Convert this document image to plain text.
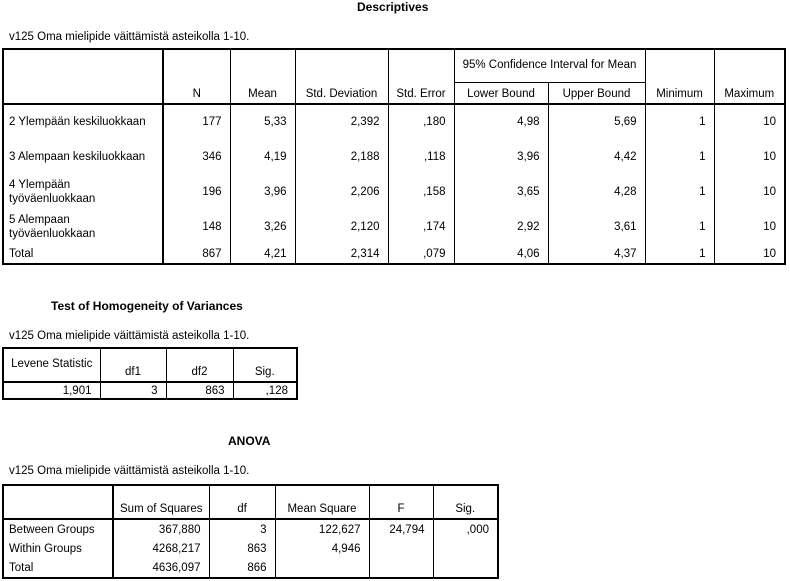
Descriptives
v125 Oma mielipide väittämistä asteikolla 1-10.
	N	Mean	Std. Deviation	Std. Error	95% Confidence Interval for Mean		Minimum	Maximum
					Lower Bound	Upper Bound		
2 Ylempään keskiluokkaan	177	5,33	2,392	,180	4,98	5,69	1	10
3 Alempaan keskiluokkaan	346	4,19	2,188	,118	3,96	4,42	1	10
4 Ylempään työväenluokkaan	196	3,96	2,206	,158	3,65	4,28	1	10
5 Alempaan työväenluokkaan	148	3,26	2,120	,174	2,92	3,61	1	10
Total	867	4,21	2,314	,079	4,06	4,37	1	10
Test of Homogeneity of Variances
v125 Oma mielipide väittämistä asteikolla 1-10.
Levene Statistic	df1	df2	Sig.
1,901	3	863	,128
ANOVA
v125 Oma mielipide väittämistä asteikolla 1-10.
	Sum of Squares	df	Mean Square	F	Sig.
Between Groups	367,880	3	122,627	24,794	,000
Within Groups	4268,217	863	4,946		
Total	4636,097	866			
